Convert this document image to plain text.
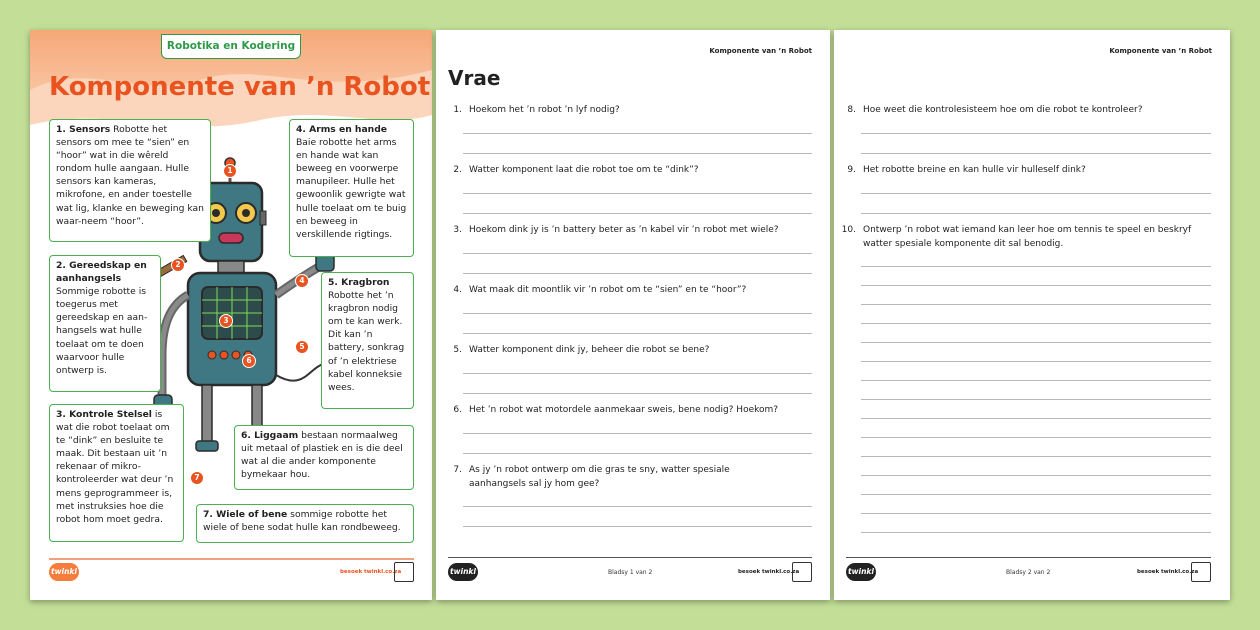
Robotika en Kodering
Komponente van ’n Robot
1. Sensors Robotte het sensors om mee te “sien” en “hoor” wat in die wêreld rondom hulle aangaan. Hulle sensors kan kameras, mikrofone, en ander toestelle wat lig, klanke en beweging kan waar-neem “hoor”.
2. Gereedskap en aanhangsels Sommige robotte is toegerus met gereedskap en aan-hangsels wat hulle toelaat om te doen waarvoor hulle ontwerp is.
3. Kontrole Stelsel is wat die robot toelaat om te “dink” en besluite te maak. Dit bestaan uit ’n rekenaar of mikro-kontroleerder wat deur ’n mens geprogrammeer is, met instruksies hoe die robot hom moet gedra.
4. Arms en hande Baie robotte het arms en hande wat kan beweeg en voorwerpe manupileer. Hulle het gewoonlik gewrigte wat hulle toelaat om te buig en beweeg in verskillende rigtings.
5. Kragbron Robotte het ’n kragbron nodig om te kan werk. Dit kan ’n battery, sonkrag of ’n elektriese kabel konneksie wees.
6. Liggaam bestaan normaalweg uit metaal of plastiek en is die deel wat al die ander komponente bymekaar hou.
7. Wiele of bene sommige robotte het wiele of bene sodat hulle kan rondbeweeg.
1
2
3
4
5
6
7
twinkl	besoek twinkl.co.za
Komponente van ’n Robot
Vrae
1. Hoekom het ’n robot ’n lyf nodig?
2. Watter komponent laat die robot toe om te “dink”?
3. Hoekom dink jy is ’n battery beter as ’n kabel vir ’n robot met wiele?
4. Wat maak dit moontlik vir ’n robot om te “sien” en te “hoor”?
5. Watter komponent dink jy, beheer die robot se bene?
6. Het ’n robot wat motordele aanmekaar sweis, bene nodig? Hoekom?
7. As jy ’n robot ontwerp om die gras te sny, watter spesiale aanhangsels sal jy hom gee?
twinkl	Bladsy 1 van 2	besoek twinkl.co.za
Komponente van ’n Robot
8. Hoe weet die kontrolesisteem hoe om die robot te kontroleer?
9. Het robotte breine en kan hulle vir hulleself dink?
10. Ontwerp ’n robot wat iemand kan leer hoe om tennis te speel en beskryf watter spesiale komponente dit sal benodig.
twinkl	Bladsy 2 van 2	besoek twinkl.co.za
